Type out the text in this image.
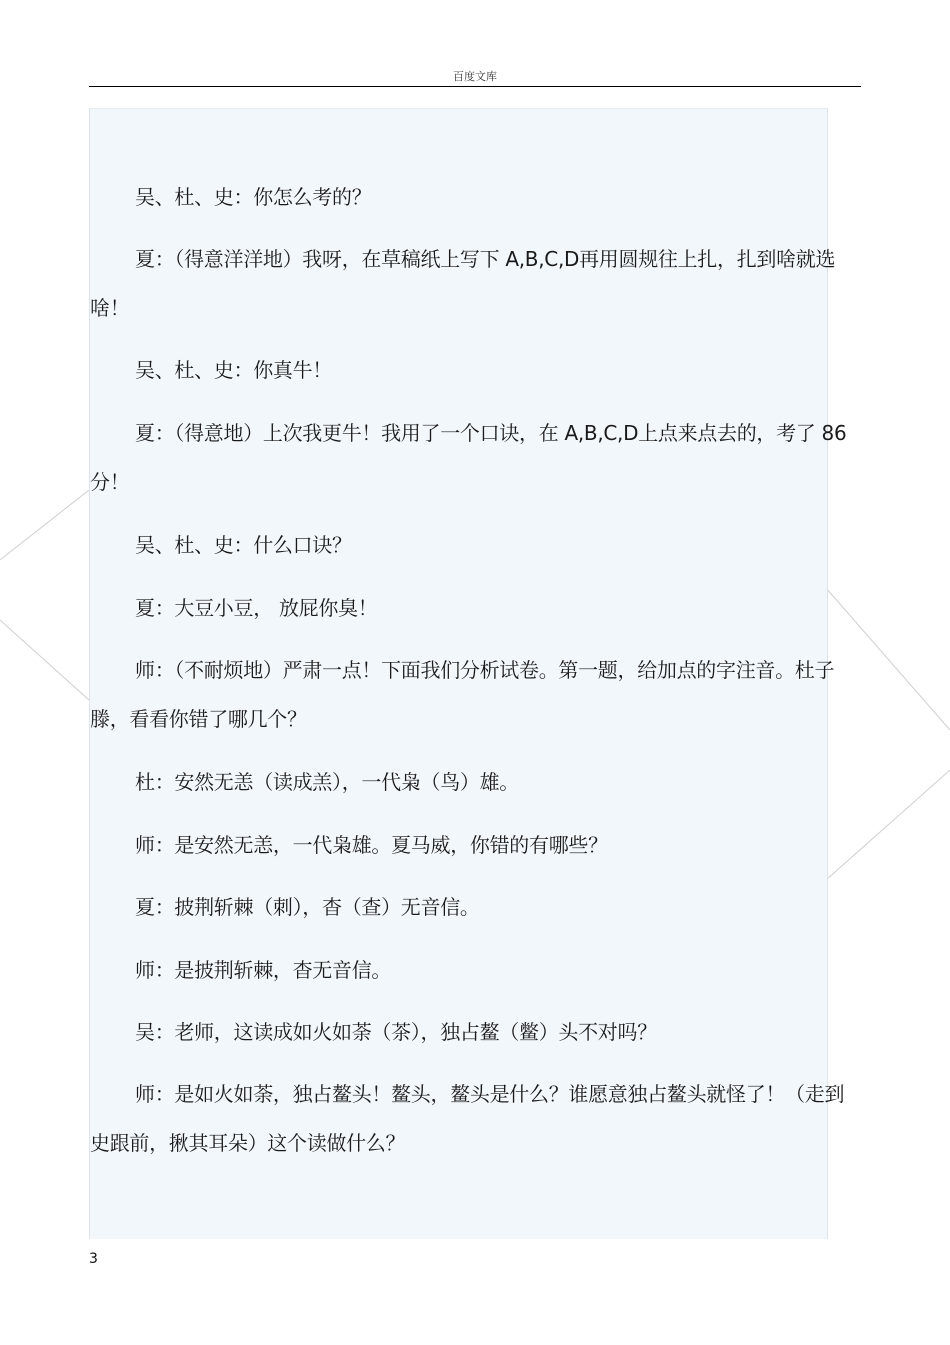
百度文库
吴、杜、史：你怎么考的？
夏：（得意洋洋地）我呀，在草稿纸上写下 A,B,C,D再用圆规往上扎，扎到啥就选
啥！
吴、杜、史：你真牛！
夏：（得意地）上次我更牛！我用了一个口诀，在 A,B,C,D上点来点去的，考了 86
分！
吴、杜、史：什么口诀？
夏：大豆小豆， 放屁你臭！
师：（不耐烦地）严肃一点！下面我们分析试卷。第一题，给加点的字注音。杜子
滕，看看你错了哪几个？
杜：安然无恙（读成羔），一代枭（鸟）雄。
师：是安然无恙，一代枭雄。夏马威，你错的有哪些？
夏：披荆斩棘（刺），杳（查）无音信。
师：是披荆斩棘，杳无音信。
吴：老师，这读成如火如荼（茶），独占鳌（鳖）头不对吗？
师：是如火如荼，独占鳌头！鳌头，鳌头是什么？谁愿意独占鳌头就怪了！（走到
史跟前，揪其耳朵）这个读做什么？
3
